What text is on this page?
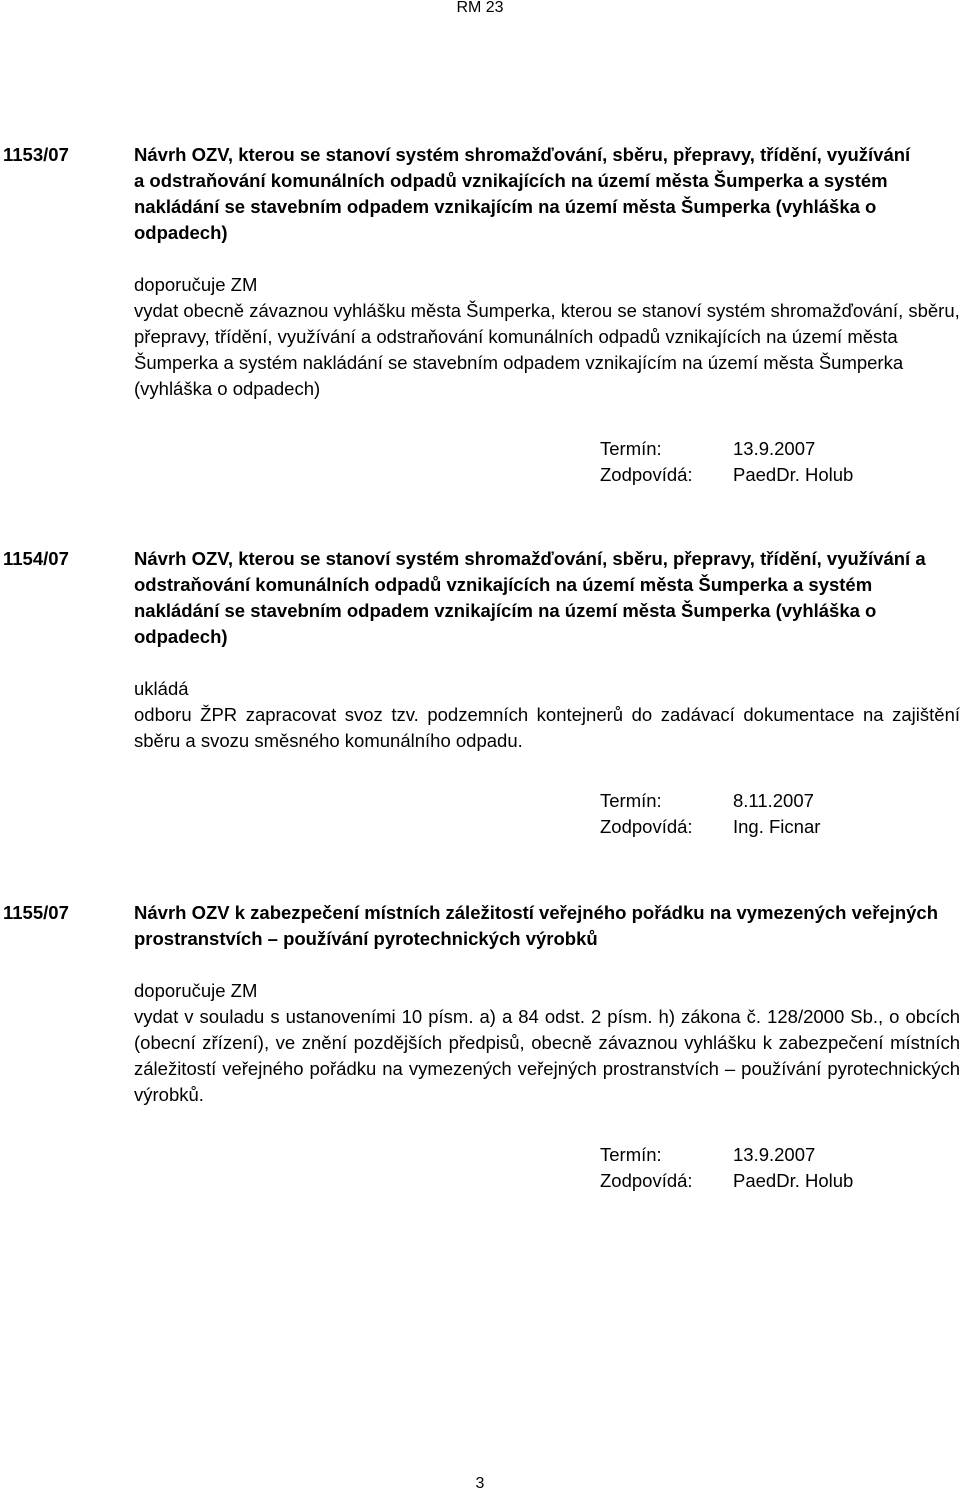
RM 23
1153/07	Návrh OZV, kterou se stanoví systém shromažďování, sběru, přepravy, třídění, využívání a odstraňování komunálních odpadů vznikajících na území města Šumperka a systém nakládání se stavebním odpadem vznikajícím na území města Šumperka (vyhláška o odpadech)

doporučuje ZM

vydat obecně závaznou vyhlášku města Šumperka, kterou se stanoví systém shromažďování, sběru, přepravy, třídění, využívání a odstraňování komunálních odpadů vznikajících na území města Šumperka a systém nakládání se stavebním odpadem vznikajícím na území města Šumperka (vyhláška o odpadech)

Termín:	13.9.2007
Zodpovídá:	PaedDr. Holub
1154/07	Návrh OZV, kterou se stanoví systém shromažďování, sběru, přepravy, třídění, využívání a odstraňování komunálních odpadů vznikajících na území města Šumperka a systém nakládání se stavebním odpadem vznikajícím na území města Šumperka (vyhláška o odpadech)

ukládá

odboru ŽPR zapracovat svoz tzv. podzemních kontejnerů do zadávací dokumentace na zajištění sběru a svozu směsného komunálního odpadu.

Termín:	8.11.2007
Zodpovídá:	Ing. Ficnar
1155/07	Návrh OZV k zabezpečení místních záležitostí veřejného pořádku na vymezených veřejných prostranstvích – používání pyrotechnických výrobků

doporučuje ZM

vydat v souladu s ustanoveními 10 písm. a) a 84 odst. 2 písm. h) zákona č. 128/2000 Sb., o obcích (obecní zřízení), ve znění pozdějších předpisů, obecně závaznou vyhlášku k zabezpečení místních záležitostí veřejného pořádku na vymezených veřejných prostranstvích – používání pyrotechnických výrobků.

Termín:	13.9.2007
Zodpovídá:	PaedDr. Holub
3
